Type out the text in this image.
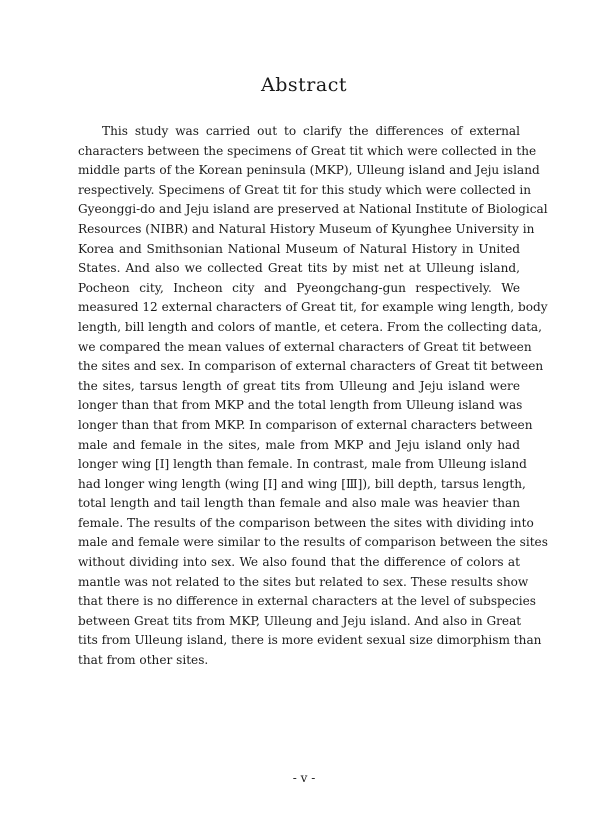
Abstract
This study was carried out to clarify the differences of external
characters between the specimens of Great tit which were collected in the
middle parts of the Korean peninsula (MKP), Ulleung island and Jeju island
respectively. Specimens of Great tit for this study which were collected in
Gyeonggi-do and Jeju island are preserved at National Institute of Biological
Resources (NIBR) and Natural History Museum of Kyunghee University in
Korea and Smithsonian National Museum of Natural History in United
States. And also we collected Great tits by mist net at Ulleung island,
Pocheon city, Incheon city and Pyeongchang-gun respectively. We
measured 12 external characters of Great tit, for example wing length, body
length, bill length and colors of mantle, et cetera. From the collecting data,
we compared the mean values of external characters of Great tit between
the sites and sex. In comparison of external characters of Great tit between
the sites, tarsus length of great tits from Ulleung and Jeju island were
longer than that from MKP and the total length from Ulleung island was
longer than that from MKP. In comparison of external characters between
male and female in the sites, male from MKP and Jeju island only had
longer wing [I] length than female. In contrast, male from Ulleung island
had longer wing length (wing [I] and wing [Ⅲ]), bill depth, tarsus length,
total length and tail length than female and also male was heavier than
female. The results of the comparison between the sites with dividing into
male and female were similar to the results of comparison between the sites
without dividing into sex. We also found that the difference of colors at
mantle was not related to the sites but related to sex. These results show
that there is no difference in external characters at the level of subspecies
between Great tits from MKP, Ulleung and Jeju island. And also in Great
tits from Ulleung island, there is more evident sexual size dimorphism than
that from other sites.
- v -
